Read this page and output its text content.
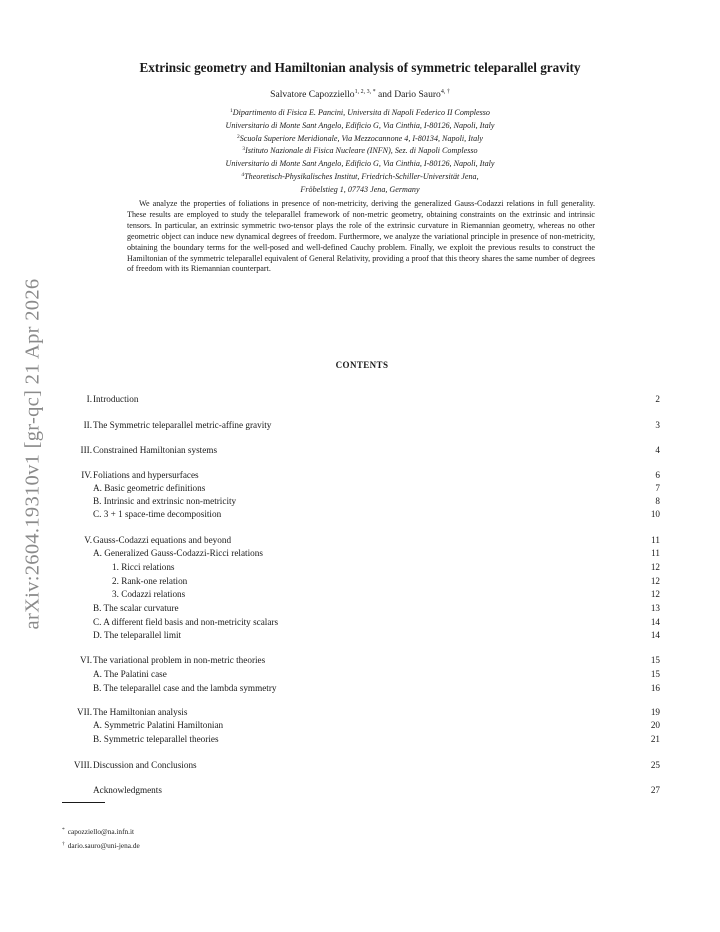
arXiv:2604.19310v1 [gr-qc] 21 Apr 2026
Extrinsic geometry and Hamiltonian analysis of symmetric teleparallel gravity
Salvatore Capozziello$^{1, 2, 3, *}$ and Dario Sauro$^{4, \dagger}$
$^1$Dipartimento di Fisica E. Pancini, Universita di Napoli Federico II Complesso
Universitario di Monte Sant Angelo, Edificio G, Via Cinthia, I-80126, Napoli, Italy
$^2$Scuola Superiore Meridionale, Via Mezzocannone 4, I-80134, Napoli, Italy
$^3$Istituto Nazionale di Fisica Nucleare (INFN), Sez. di Napoli Complesso
Universitario di Monte Sant Angelo, Edificio G, Via Cinthia, I-80126, Napoli, Italy
$^4$Theoretisch-Physikalisches Institut, Friedrich-Schiller-Universität Jena,
Fröbelstieg 1, 07743 Jena, Germany
We analyze the properties of foliations in presence of non-metricity, deriving the generalized Gauss-Codazzi relations in full generality. These results are employed to study the teleparallel framework of non-metric geometry, obtaining constraints on the extrinsic and intrinsic tensors. In particular, an extrinsic symmetric two-tensor plays the role of the extrinsic curvature in Riemannian geometry, whereas no other geometric object can induce new dynamical degrees of freedom. Furthermore, we analyze the variational principle in presence of non-metricity, obtaining the boundary terms for the well-posed and well-defined Cauchy problem. Finally, we exploit the previous results to construct the Hamiltonian of the symmetric teleparallel equivalent of General Relativity, providing a proof that this theory shares the same number of degrees of freedom with its Riemannian counterpart.
CONTENTS
I. Introduction	2
II. The Symmetric teleparallel metric-affine gravity	3
III. Constrained Hamiltonian systems	4
IV. Foliations and hypersurfaces	6
A. Basic geometric definitions	7
B. Intrinsic and extrinsic non-metricity	8
C. 3 + 1 space-time decomposition	10
V. Gauss-Codazzi equations and beyond	11
A. Generalized Gauss-Codazzi-Ricci relations	11
1. Ricci relations	12
2. Rank-one relation	12
3. Codazzi relations	12
B. The scalar curvature	13
C. A different field basis and non-metricity scalars	14
D. The teleparallel limit	14
VI. The variational problem in non-metric theories	15
A. The Palatini case	15
B. The teleparallel case and the lambda symmetry	16
VII. The Hamiltonian analysis	19
A. Symmetric Palatini Hamiltonian	20
B. Symmetric teleparallel theories	21
VIII. Discussion and Conclusions	25
Acknowledgments	27
* capozziello@na.infn.it
† dario.sauro@uni-jena.de
